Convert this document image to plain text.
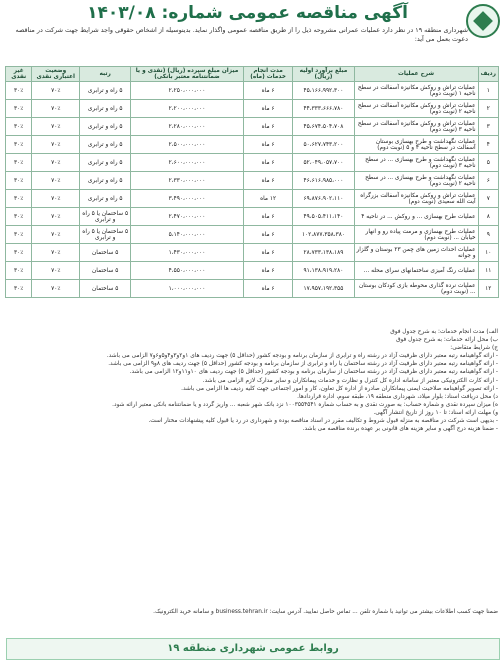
آگهی مناقصه عمومی شماره: ۱۴۰۳/۰۸
شهرداری منطقه ۱۹ در نظر دارد عملیات عمرانی مشروحه ذیل را از طریق مناقصه عمومی واگذار نماید. بدینوسیله از اشخاص حقوقی واجد شرایط جهت شرکت در مناقصه دعوت بعمل می آید:
ردیف	شرح عملیات	مبلغ برآورد اولیه (ریال)	مدت انجام خدمات (ماه)	میزان مبلغ سپرده (ریال) (نقدی و یا ضمانتنامه معتبر بانکی)	رتبه	وضعیت اعتباری نقدی	غیر نقدی
۱	عملیات تراش و روکش مکانیزه آسفالت در سطح ناحیه ۱ (نوبت دوم)	۴۵،۱۶۶،۹۹۲،۳۰۰	۶ ماه	۲،۲۵۰،۰۰۰،۰۰۰	۵ راه و ترابری	۷۰٪	۳۰٪
۲	عملیات تراش و روکش مکانیزه آسفالت در سطح ناحیه ۲ (نوبت دوم)	۴۴،۳۳۳،۶۶۶،۷۸۰	۶ ماه	۲،۲۰۰،۰۰۰،۰۰۰	۵ راه و ترابری	۷۰٪	۳۰٪
۳	عملیات تراش و روکش مکانیزه آسفالت در سطح ناحیه ۳ (نوبت دوم)	۴۵،۶۷۴،۵۰۴،۷۰۸	۶ ماه	۲،۲۸۰،۰۰۰،۰۰۰	۵ راه و ترابری	۷۰٪	۳۰٪
۴	عملیات نگهداشت و طرح بهسازی بوستان آسفالت در سطح ناحیه ۴ و ۵ (نوبت دوم)	۵۰،۶۲۷،۷۴۳،۲۰۰	۶ ماه	۲،۵۰۰،۰۰۰،۰۰۰	۵ راه و ترابری	۷۰٪	۳۰٪
۵	عملیات نگهداشت و طرح بهسازی ... در سطح ناحیه ۳ (نوبت دوم)	۵۲،۰۴۹،۰۵۷،۷۰۰	۶ ماه	۲،۶۰۰،۰۰۰،۰۰۰	۵ راه و ترابری	۷۰٪	۳۰٪
۶	عملیات نگهداشت و طرح بهسازی ... در سطح ناحیه ۲ (نوبت دوم)	۴۶،۶۱۶،۹۸۵،۰۰۰	۶ ماه	۲،۳۳۰،۰۰۰،۰۰۰	۵ راه و ترابری	۷۰٪	۳۰٪
۷	عملیات تراش و روکش مکانیزه آسفالت بزرگراه آیت الله سعیدی (نوبت دوم)	۶۹،۸۷۶،۹۰۲،۱۱۰	۱۲ ماه	۳،۴۹۰،۰۰۰،۰۰۰	۵ راه و ترابری	۷۰٪	۳۰٪
۸	عملیات طرح بهسازی ... و روکش ... در ناحیه ۴	۴۹،۵۰۵،۴۱۱،۱۴۰	۶ ماه	۲،۴۷۰،۰۰۰،۰۰۰	۵ ساختمان یا ۵ راه و ترابری	۷۰٪	۳۰٪
۹	عملیات طرح بهسازی و مرمت پیاده رو و انهار خیابان ... (نوبت دوم)	۱۰۲،۸۷۷،۳۵۸،۳۸۰	۶ ماه	۵،۱۴۰،۰۰۰،۰۰۰	۵ ساختمان یا ۵ راه و ترابری	۷۰٪	۳۰٪
۱۰	عملیات احداث زمین های چمن ۲۳ بوستان و گلزار و جوانه	۲۸،۷۳۳،۱۳۸،۱۸۹	۶ ماه	۱،۴۳۰،۰۰۰،۰۰۰	۵ ساختمان	۷۰٪	۳۰٪
۱۱	عملیات رنگ آمیزی ساختمانهای سرای محله ...	۹۱،۱۳۸،۹۱۹،۲۸۰	۶ ماه	۴،۵۵۰،۰۰۰،۰۰۰	۵ ساختمان	۷۰٪	۳۰٪
۱۲	عملیات نرده گذاری محوطه بازی کودکان بوستان ... (نوبت دوم)	۱۷،۹۵۷،۱۹۲،۳۵۵	۶ ماه	۱،۰۰۰،۰۰۰،۰۰۰	۵ ساختمان	۷۰٪	۳۰٪

الف) مدت انجام خدمات: به شرح جدول فوق

ب) محل ارائه خدمات: به شرح جدول فوق

ج) شرایط متقاضی:

- ارائه گواهینامه رتبه معتبر دارای ظرفیت آزاد در رشته راه و ترابری از سازمان برنامه و بودجه کشور (حداقل ۵) جهت ردیف های ۱و۲و۳و۴و۵و۶و۷ الزامی می باشد.

- ارائه گواهینامه رتبه معتبر دارای ظرفیت آزاد در رشته ساختمان یا راه و ترابری از سازمان برنامه و بودجه کشور (حداقل ۵) جهت ردیف های ۸و۹ الزامی می باشد.

- ارائه گواهینامه رتبه معتبر دارای ظرفیت آزاد در رشته ساختمان از سازمان برنامه و بودجه کشور (حداقل ۵) جهت ردیف های ۱۰و۱۱و۱۲ الزامی می باشد.

- ارائه کارت الکترونیکی معتبر از سامانه اداره کل کنترل و نظارت و خدمات پیمانکاران و سایر مدارک لازم الزامی می باشد.

- ارائه تصویر گواهینامه صلاحیت ایمنی پیمانکاران صادره از اداره کل تعاون، کار و امور اجتماعی جهت کلیه ردیف ها الزامی می باشد.

د) محل دریافت اسناد: بلوار میلاد، شهرداری منطقه ۱۹، طبقه سوم، اداره قراردادها.

ه) میزان سپرده نقدی و شماره حساب: به صورت نقدی و به حساب شماره ۱۰۰۳۵۵۴۵۴۱ نزد بانک شهر شعبه ... واریز گردد و یا ضمانتنامه بانکی معتبر ارائه شود.

و) مهلت ارائه اسناد: تا ۱۰ روز از تاریخ انتشار آگهی.

- بدیهی است شرکت در مناقصه به منزله قبول شروط و تکالیف مقرر در اسناد مناقصه بوده و شهرداری در رد یا قبول کلیه پیشنهادات مختار است.

- ضمنا هزینه درج آگهی و سایر هزینه های قانونی بر عهده برنده مناقصه می باشد.

ضمنا جهت کسب اطلاعات بیشتر می توانید با شماره تلفن ... تماس حاصل نمایید. آدرس سایت: business.tehran.ir و سامانه خرید الکترونیک.
روابط عمومی شهرداری منطقه ۱۹
